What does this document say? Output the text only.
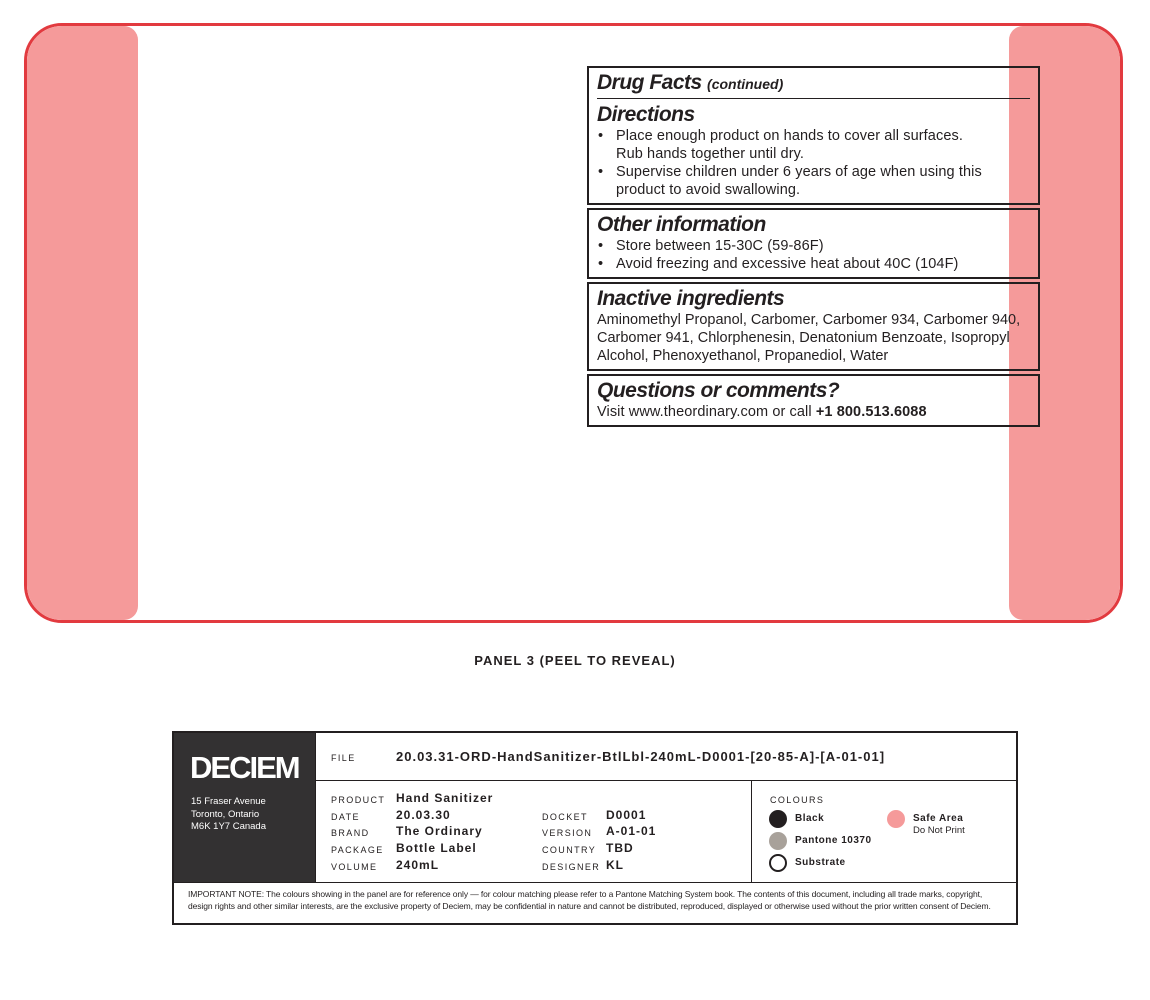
Drug Facts (continued)
Directions
• Place enough product on hands to cover all surfaces.
Rub hands together until dry.
• Supervise children under 6 years of age when using this
product to avoid swallowing.
Other information
• Store between 15-30C (59-86F)
• Avoid freezing and excessive heat about 40C (104F)
Inactive ingredients
Aminomethyl Propanol, Carbomer, Carbomer 934, Carbomer 940,
Carbomer 941, Chlorphenesin, Denatonium Benzoate, Isopropyl
Alcohol, Phenoxyethanol, Propanediol, Water
Questions or comments?
Visit www.theordinary.com or call +1 800.513.6088
PANEL 3 (PEEL TO REVEAL)
DECIEM
15 Fraser Avenue
Toronto, Ontario
M6K 1Y7 Canada
FILE	20.03.31-ORD-HandSanitizer-BtlLbl-240mL-D0001-[20-85-A]-[A-01-01]
PRODUCT Hand Sanitizer
DATE	20.03.30
BRAND The Ordinary
PACKAGE Bottle Label
VOLUME 240mL
DOCKET D0001
VERSION A-01-01
COUNTRY TBD
DESIGNER KL
COLOURS
Black
Pantone 10370
Substrate
Safe Area
Do Not Print
IMPORTANT NOTE: The colours showing in the panel are for reference only — for colour matching please refer to a Pantone Matching System book. The contents of this document, including all trade marks, copyright, design rights and other similar interests, are the exclusive property of Deciem, may be confidential in nature and cannot be distributed, reproduced, displayed or otherwise used without the prior written consent of Deciem.
